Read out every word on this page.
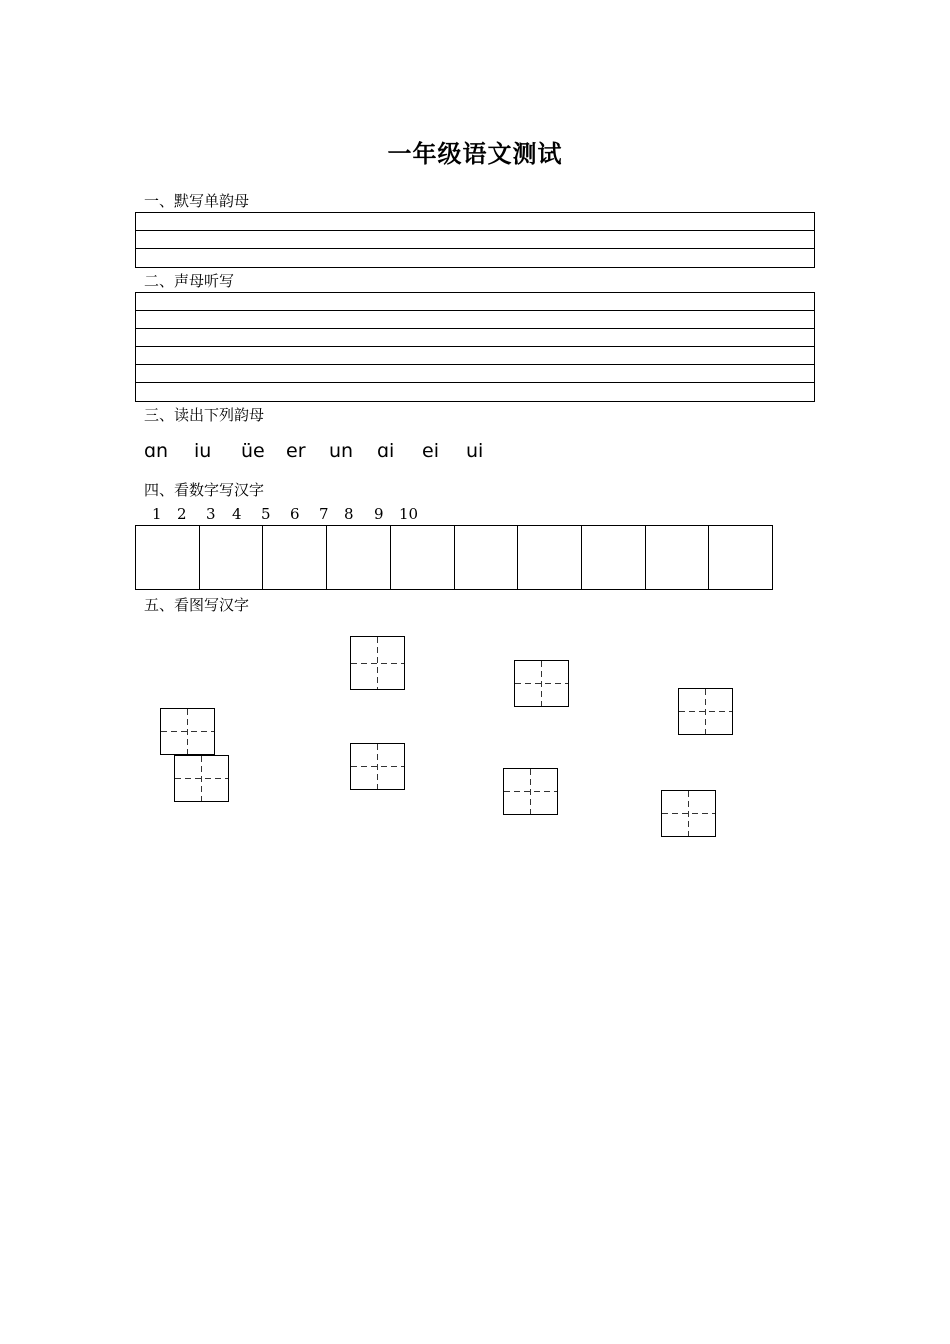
一年级语文测试
一、默写单韵母
二、声母听写
三、读出下列韵母
ɑn iu üe er un ɑi ei ui
四、看数字写汉字
1 2 3 4 5 6 7 8 9 10
五、看图写汉字
